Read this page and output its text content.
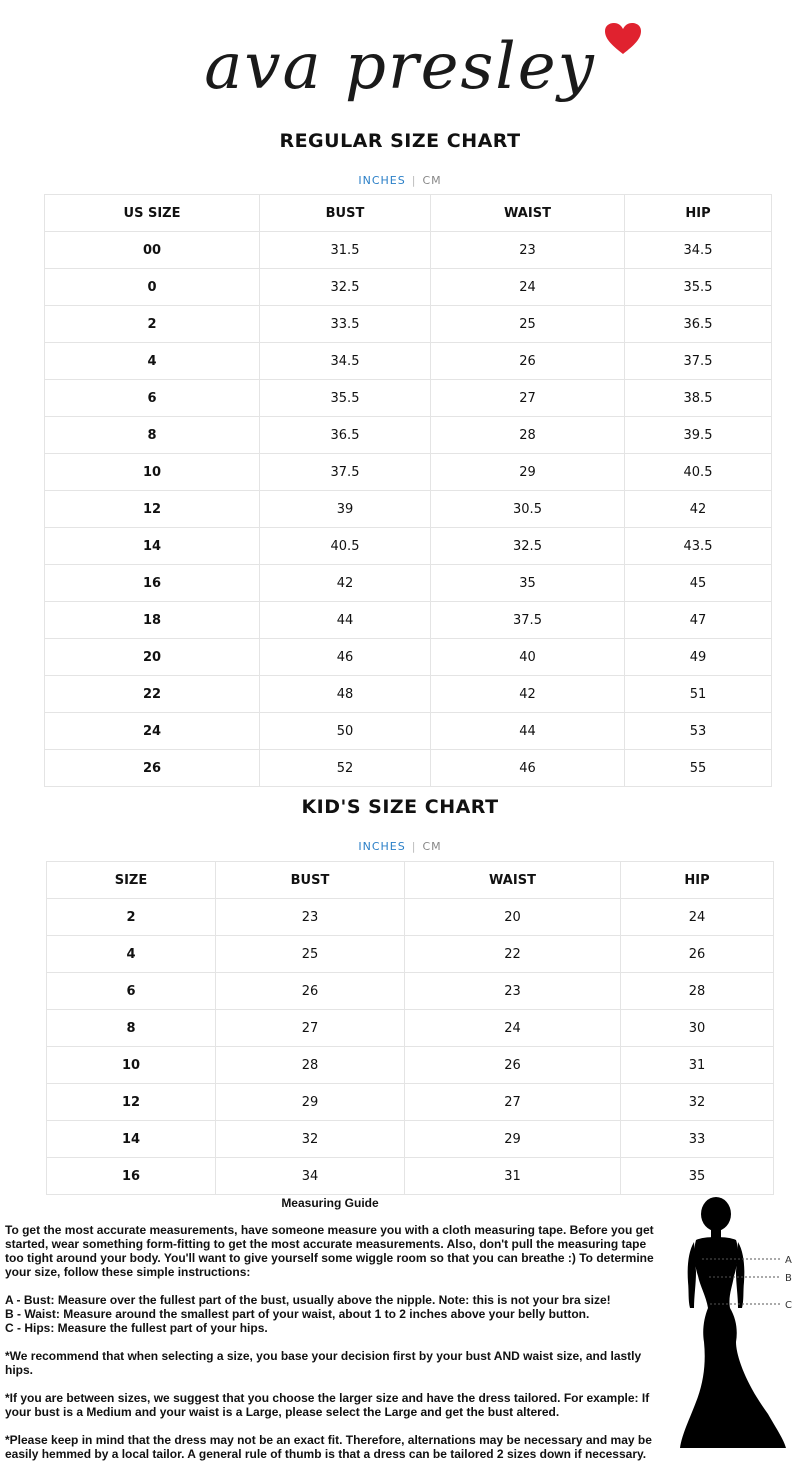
ava presley
REGULAR SIZE CHART
INCHES | CM
US SIZE	BUST	WAIST	HIP
00	31.5	23	34.5
0	32.5	24	35.5
2	33.5	25	36.5
4	34.5	26	37.5
6	35.5	27	38.5
8	36.5	28	39.5
10	37.5	29	40.5
12	39	30.5	42
14	40.5	32.5	43.5
16	42	35	45
18	44	37.5	47
20	46	40	49
22	48	42	51
24	50	44	53
26	52	46	55
KID'S SIZE CHART
INCHES | CM
SIZE	BUST	WAIST	HIP
2	23	20	24
4	25	22	26
6	26	23	28
8	27	24	30
10	28	26	31
12	29	27	32
14	32	29	33
16	34	31	35
Measuring Guide

To get the most accurate measurements, have someone measure you with a cloth measuring tape. Before you get started, wear something form-fitting to get the most accurate measurements. Also, don't pull the measuring tape too tight around your body. You'll want to give yourself some wiggle room so that you can breathe :) To determine your size, follow these simple instructions:

A - Bust: Measure over the fullest part of the bust, usually above the nipple. Note: this is not your bra size!

B - Waist: Measure around the smallest part of your waist, about 1 to 2 inches above your belly button.

C - Hips: Measure the fullest part of your hips.

*We recommend that when selecting a size, you base your decision first by your bust AND waist size, and lastly hips.

*If you are between sizes, we suggest that you choose the larger size and have the dress tailored. For example: If your bust is a Medium and your waist is a Large, please select the Large and get the bust altered.

*Please keep in mind that the dress may not be an exact fit. Therefore, alternations may be necessary and may be easily hemmed by a local tailor. A general rule of thumb is that a dress can be tailored 2 sizes down if necessary.

A
B
C
